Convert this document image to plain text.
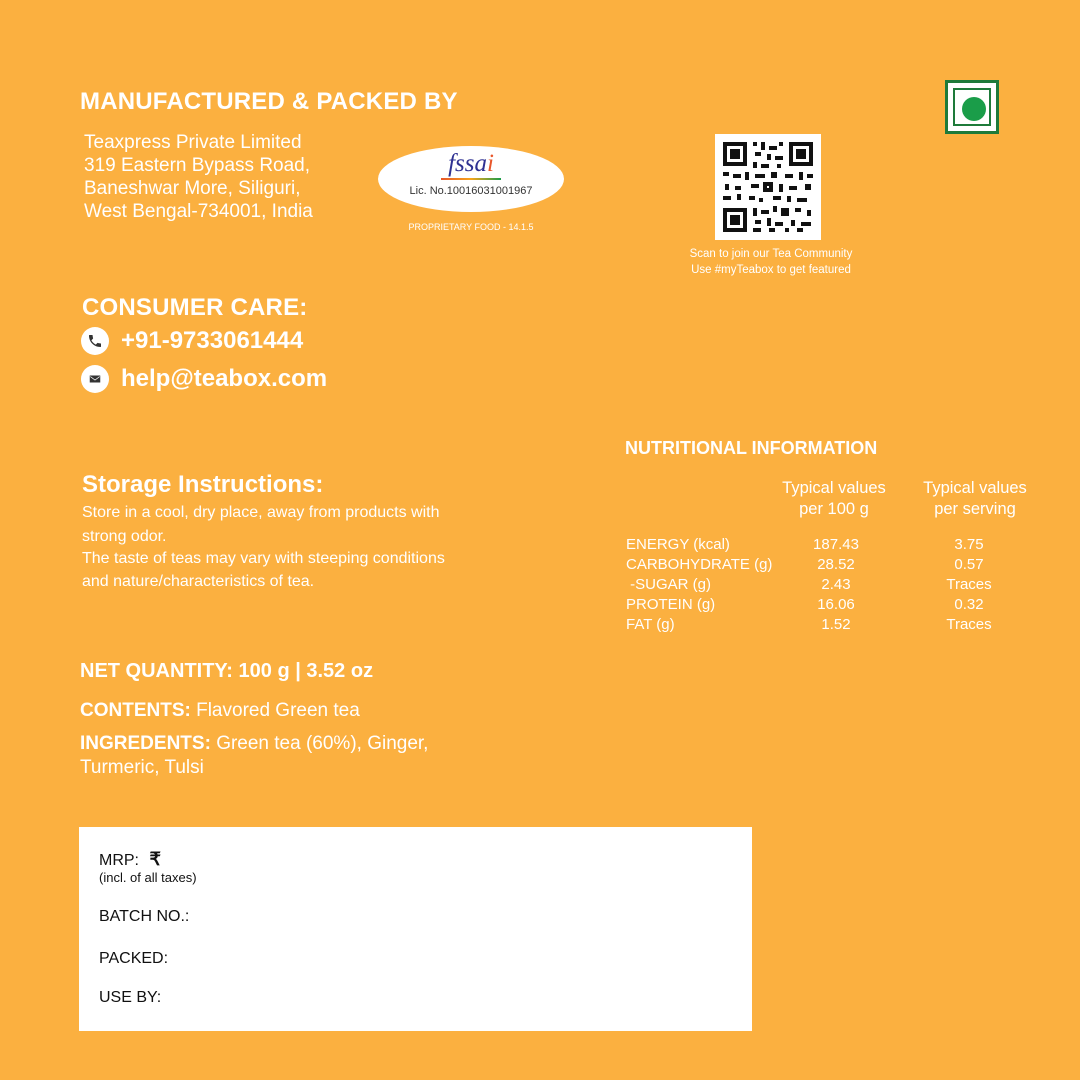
MANUFACTURED & PACKED BY
Teaxpress Private Limited
319 Eastern Bypass Road,
Baneshwar More, Siliguri,
West Bengal-734001, India
fssai
Lic. No.10016031001967
PROPRIETARY FOOD - 14.1.5
Scan to join our Tea Community
Use #myTeabox to get featured
CONSUMER CARE:
+91-9733061444
help@teabox.com
Storage Instructions:
Store in a cool, dry place, away from products with strong odor.
The taste of teas may vary with steeping conditions and nature/characteristics of tea.
NET QUANTITY: 100 g | 3.52 oz
CONTENTS: Flavored Green tea
INGREDENTS: Green tea (60%), Ginger, Turmeric, Tulsi
NUTRITIONAL INFORMATION
Typical values
per 100 g
Typical values
per serving
ENERGY (kcal)	187.43	3.75
CARBOHYDRATE (g)	28.52	0.57
-SUGAR (g)	2.43	Traces
PROTEIN (g)	16.06	0.32
FAT (g)	1.52	Traces
MRP: ₹
(incl. of all taxes)
BATCH NO.:
PACKED:
USE BY:
